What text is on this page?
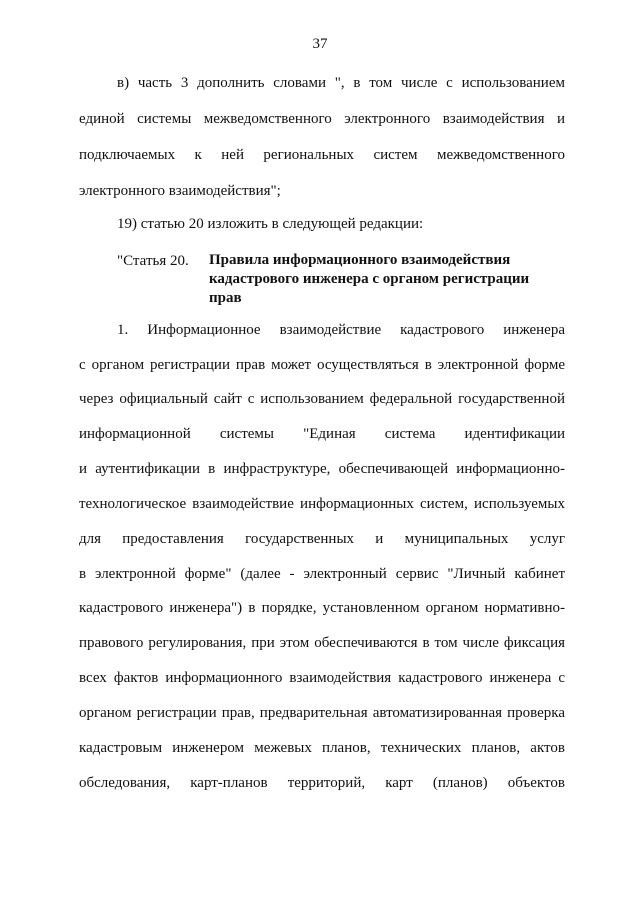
37
в) часть 3 дополнить словами ", в том числе с использованием
единой системы межведомственного электронного взаимодействия и
подключаемых к ней региональных систем межведомственного
электронного взаимодействия";
19) статью 20 изложить в следующей редакции:
"Статья 20. Правила информационного взаимодействия
кадастрового инженера с органом регистрации
прав
1. Информационное взаимодействие кадастрового инженера
с органом регистрации прав может осуществляться в электронной форме
через официальный сайт с использованием федеральной государственной
информационной системы "Единая система идентификации
и аутентификации в инфраструктуре, обеспечивающей информационно-
технологическое взаимодействие информационных систем, используемых
для предоставления государственных и муниципальных услуг
в электронной форме" (далее - электронный сервис "Личный кабинет
кадастрового инженера") в порядке, установленном органом нормативно-
правового регулирования, при этом обеспечиваются в том числе фиксация
всех фактов информационного взаимодействия кадастрового инженера с
органом регистрации прав, предварительная автоматизированная проверка
кадастровым инженером межевых планов, технических планов, актов
обследования, карт-планов территорий, карт (планов) объектов
